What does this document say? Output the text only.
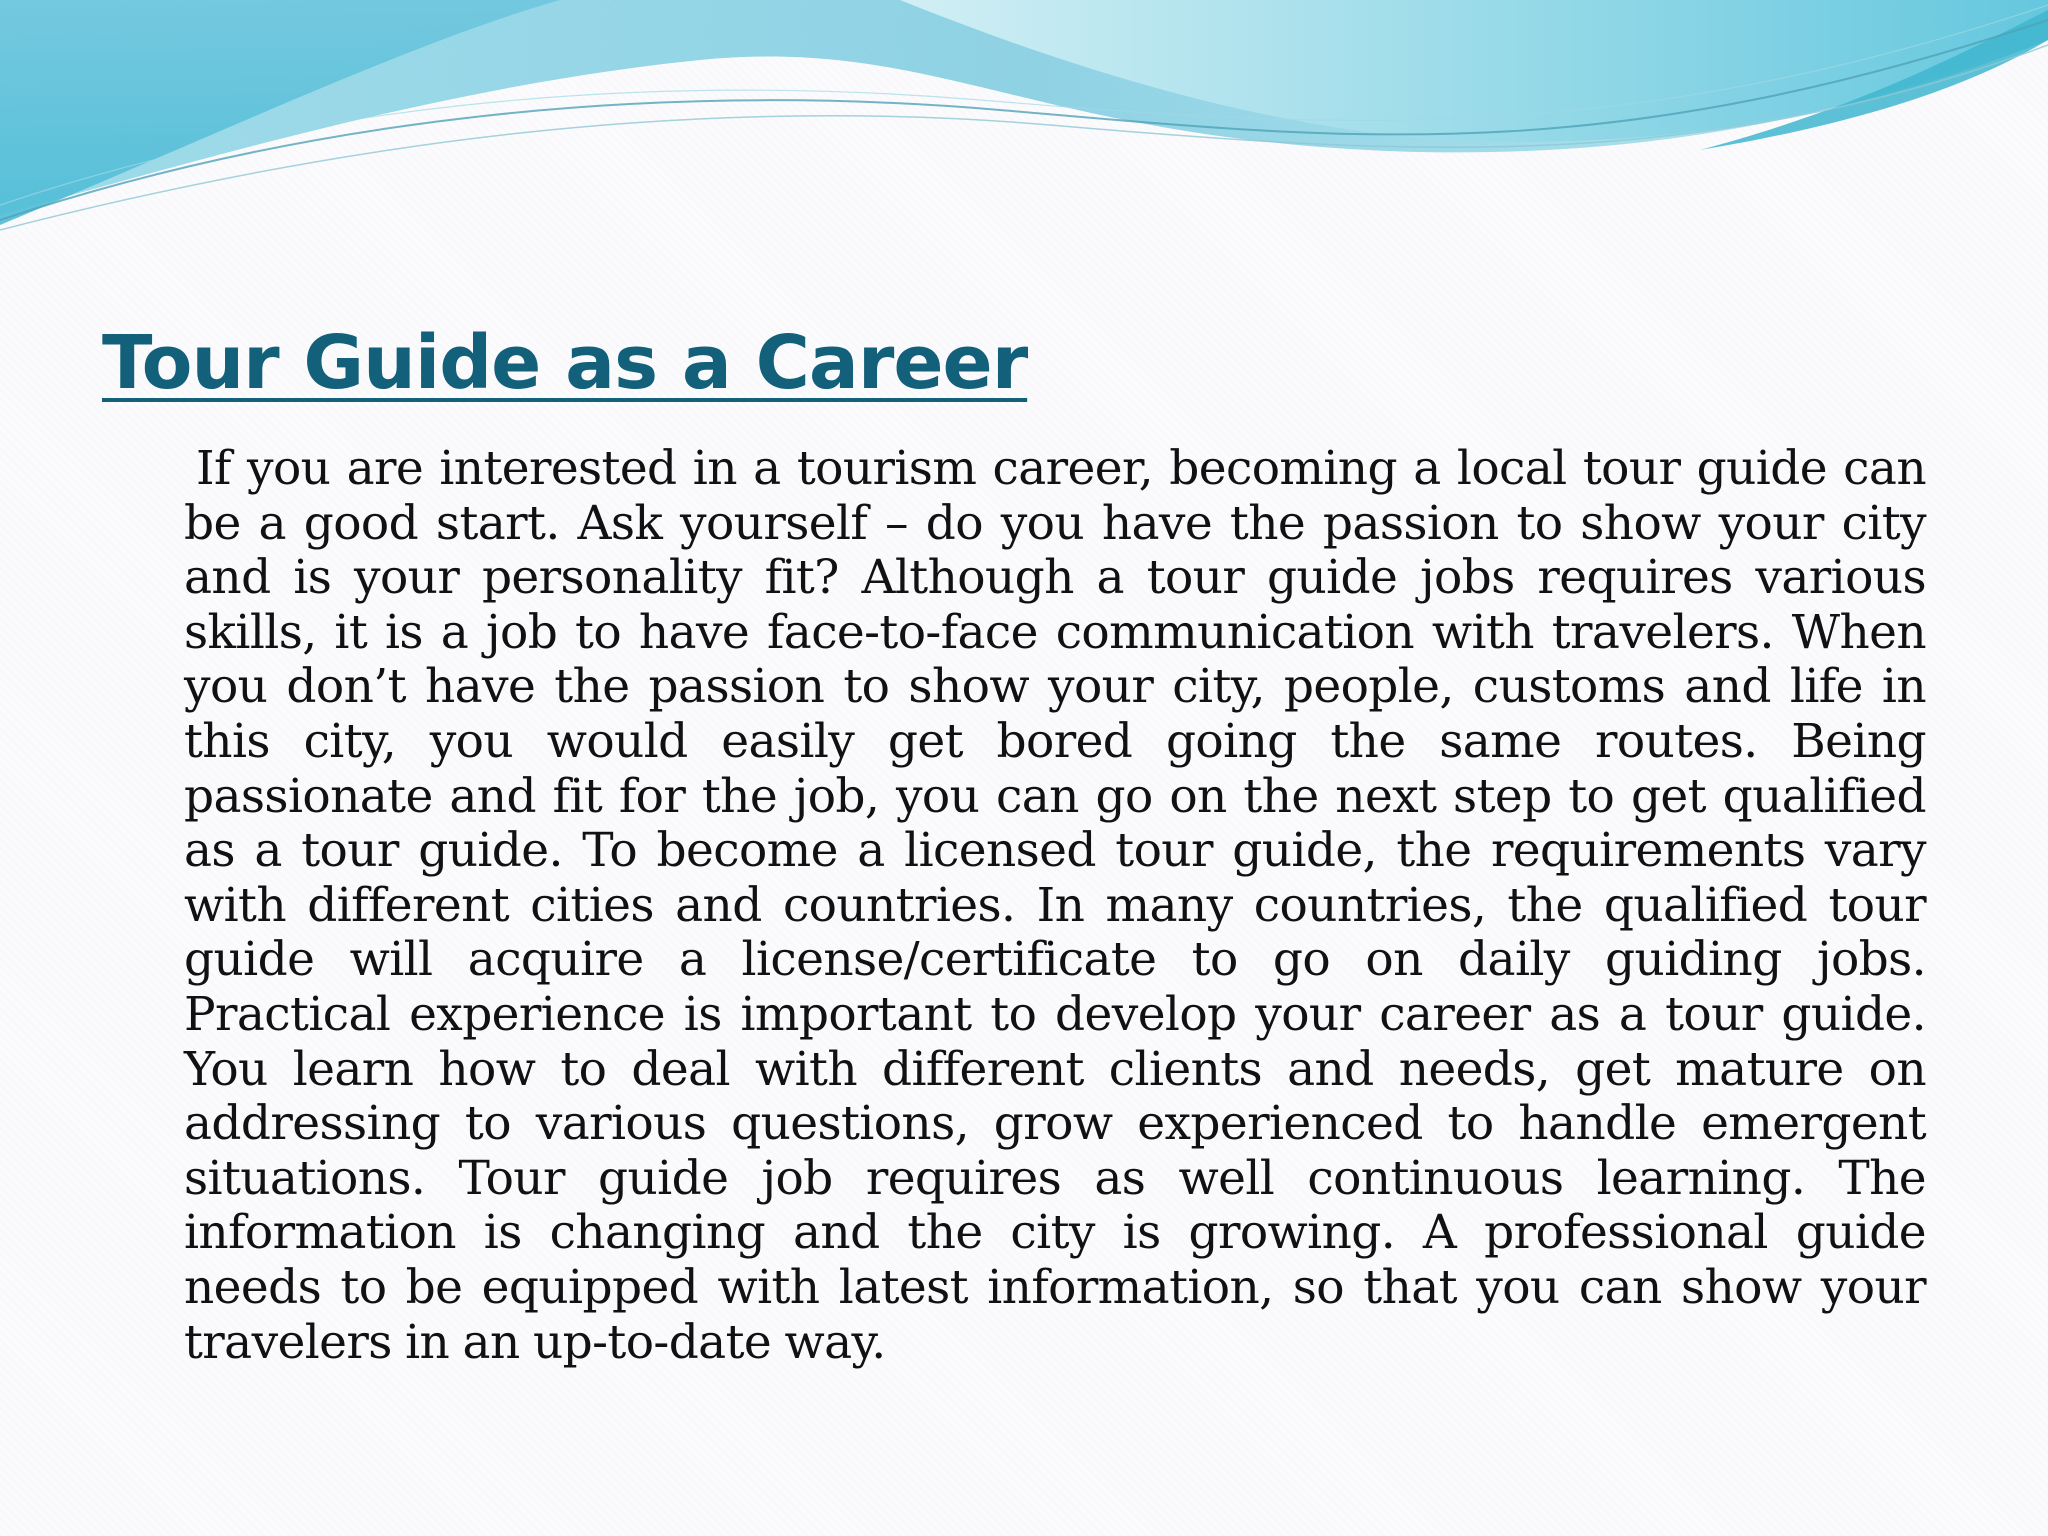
Tour Guide as a Career

If you are interested in a tourism career, becoming a local tour guide can be a good start. Ask yourself – do you have the passion to show your city and is your personality fit? Although a tour guide jobs requires various skills, it is a job to have face-to-face communication with travelers. When you don’t have the passion to show your city, people, customs and life in this city, you would easily get bored going the same routes. Being passionate and fit for the job, you can go on the next step to get qualified as a tour guide. To become a licensed tour guide, the requirements vary with different cities and countries. In many countries, the qualified tour guide will acquire a license/certificate to go on daily guiding jobs. Practical experience is important to develop your career as a tour guide. You learn how to deal with different clients and needs, get mature on addressing to various questions, grow experienced to handle emergent situations. Tour guide job requires as well continuous learning. The information is changing and the city is growing. A professional guide needs to be equipped with latest information, so that you can show your travelers in an up-to-date way.
